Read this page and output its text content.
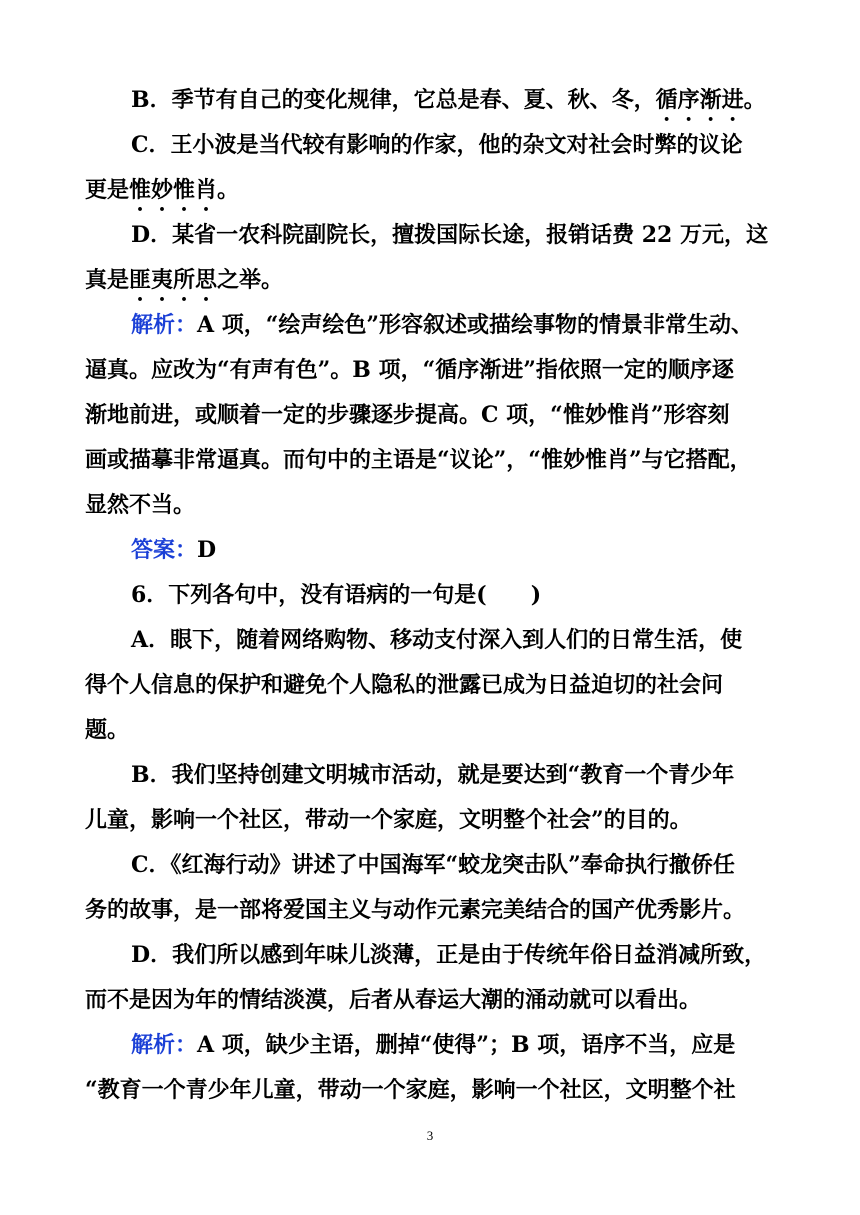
B．季节有自己的变化规律，它总是春、夏、秋、冬，循序渐进。
C．王小波是当代较有影响的作家，他的杂文对社会时弊的议论
更是惟妙惟肖。
D．某省一农科院副院长，擅拨国际长途，报销话费 22 万元，这
真是匪夷所思之举。
解析：A 项，“绘声绘色”形容叙述或描绘事物的情景非常生动、
逼真。应改为“有声有色”。B 项，“循序渐进”指依照一定的顺序逐
渐地前进，或顺着一定的步骤逐步提高。C 项，“惟妙惟肖”形容刻
画或描摹非常逼真。而句中的主语是“议论”，“惟妙惟肖”与它搭配，
显然不当。
答案：D
6．下列各句中，没有语病的一句是(　　)
A．眼下，随着网络购物、移动支付深入到人们的日常生活，使
得个人信息的保护和避免个人隐私的泄露已成为日益迫切的社会问
题。
B．我们坚持创建文明城市活动，就是要达到“教育一个青少年
儿童，影响一个社区，带动一个家庭，文明整个社会”的目的。
C．《红海行动》讲述了中国海军“蛟龙突击队”奉命执行撤侨任
务的故事，是一部将爱国主义与动作元素完美结合的国产优秀影片。
D．我们所以感到年味儿淡薄，正是由于传统年俗日益消减所致，
而不是因为年的情结淡漠，后者从春运大潮的涌动就可以看出。
解析：A 项，缺少主语，删掉“使得”；B 项，语序不当，应是
“教育一个青少年儿童，带动一个家庭，影响一个社区，文明整个社
3
